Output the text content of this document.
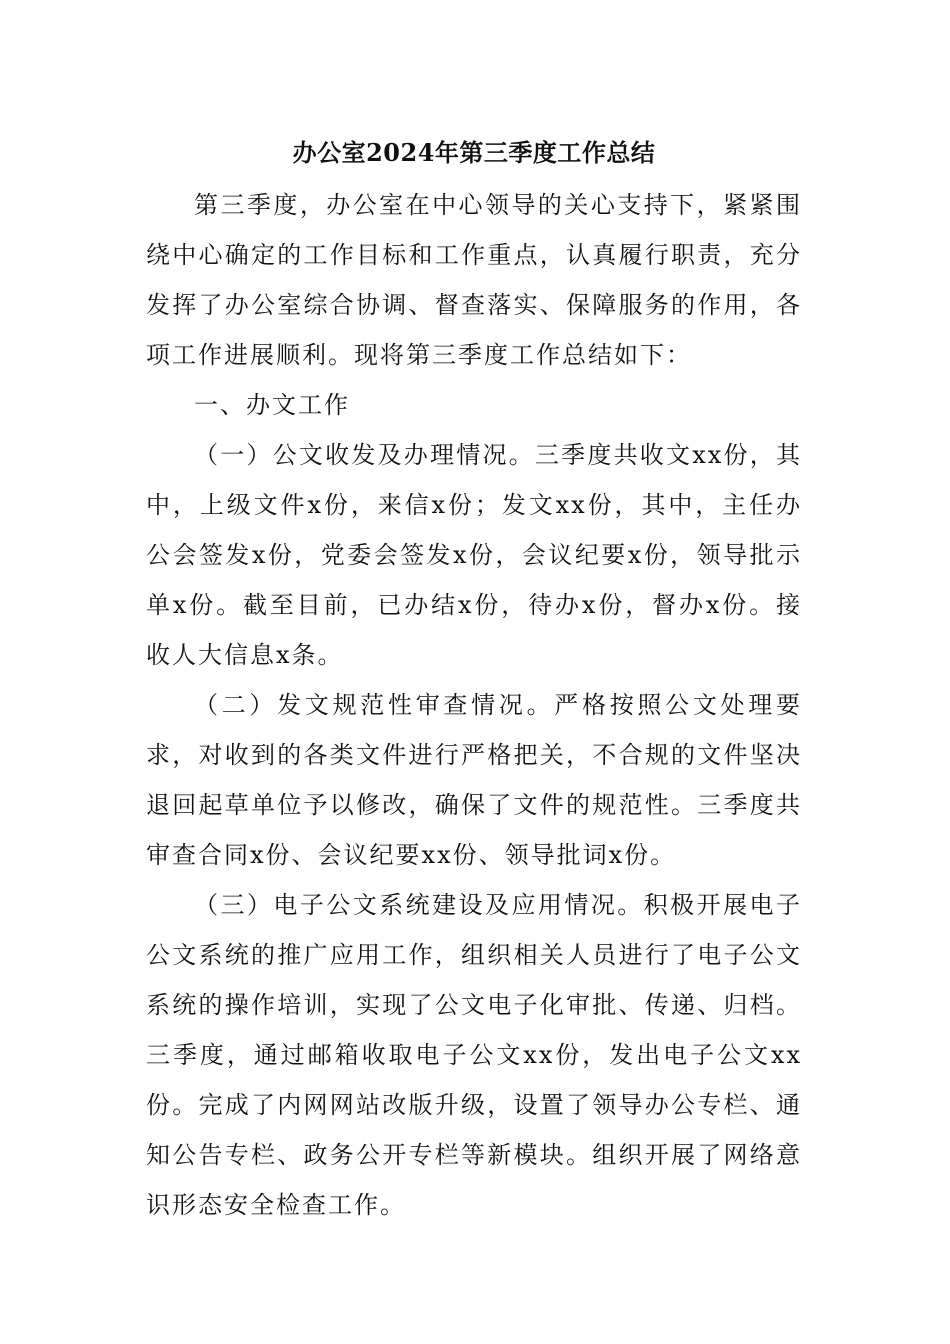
办公室2024年第三季度工作总结

第三季度，办公室在中心领导的关心支持下，紧紧围绕中心确定的工作目标和工作重点，认真履行职责，充分发挥了办公室综合协调、督查落实、保障服务的作用，各项工作进展顺利。现将第三季度工作总结如下：

一、办文工作

（一）公文收发及办理情况。三季度共收文xx份，其中，上级文件x份，来信x份；发文xx份，其中，主任办公会签发x份，党委会签发x份，会议纪要x份，领导批示单x份。截至目前，已办结x份，待办x份，督办x份。接收人大信息x条。

（二）发文规范性审查情况。严格按照公文处理要求，对收到的各类文件进行严格把关，不合规的文件坚决退回起草单位予以修改，确保了文件的规范性。三季度共审查合同x份、会议纪要xx份、领导批词x份。

（三）电子公文系统建设及应用情况。积极开展电子公文系统的推广应用工作，组织相关人员进行了电子公文系统的操作培训，实现了公文电子化审批、传递、归档。三季度，通过邮箱收取电子公文xx份，发出电子公文xx份。完成了内网网站改版升级，设置了领导办公专栏、通知公告专栏、政务公开专栏等新模块。组织开展了网络意识形态安全检查工作。
